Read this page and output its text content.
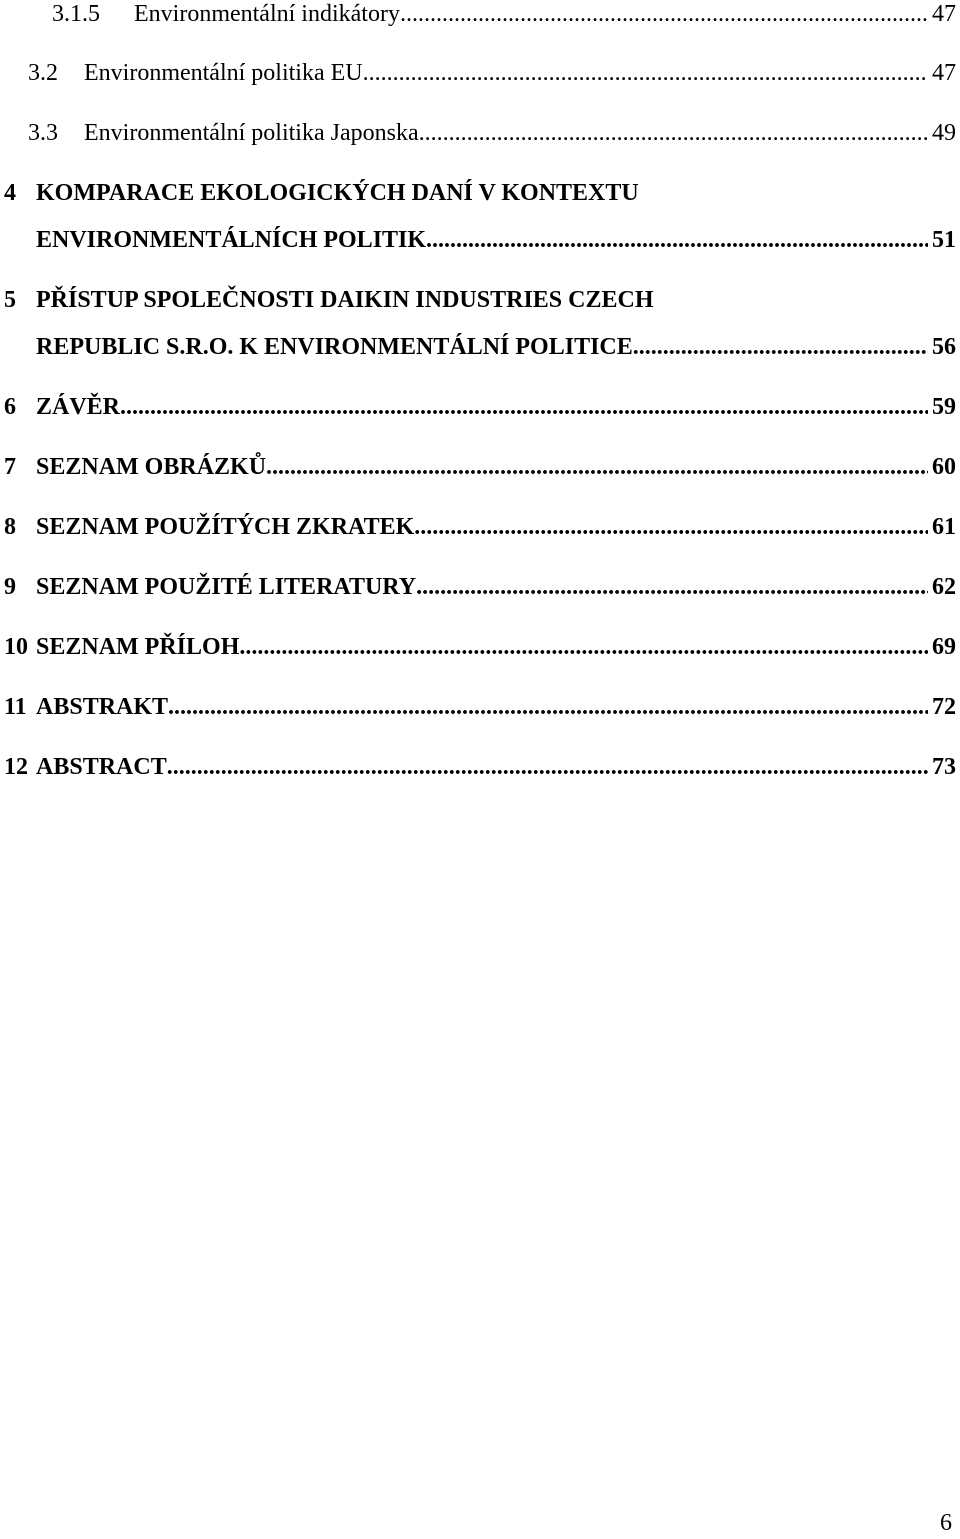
3.1.5 Environmentální indikátory .....	47
3.2 Environmentální politika EU .....	47
3.3 Environmentální politika Japonska .....	49
4 KOMPARACE EKOLOGICKÝCH DANÍ V KONTEXTU
ENVIRONMENTÁLNÍCH POLITIK .....	51
5 PŘÍSTUP SPOLEČNOSTI DAIKIN INDUSTRIES CZECH
REPUBLIC S.R.O. K ENVIRONMENTÁLNÍ POLITICE .....	56
6 ZÁVĚR .....	59
7 SEZNAM OBRÁZKŮ .....	60
8 SEZNAM POUŽÍTÝCH ZKRATEK .....	61
9 SEZNAM POUŽITÉ LITERATURY .....	62
10 SEZNAM PŘÍLOH .....	69
11 ABSTRAKT .....	72
12 ABSTRACT .....	73
6
